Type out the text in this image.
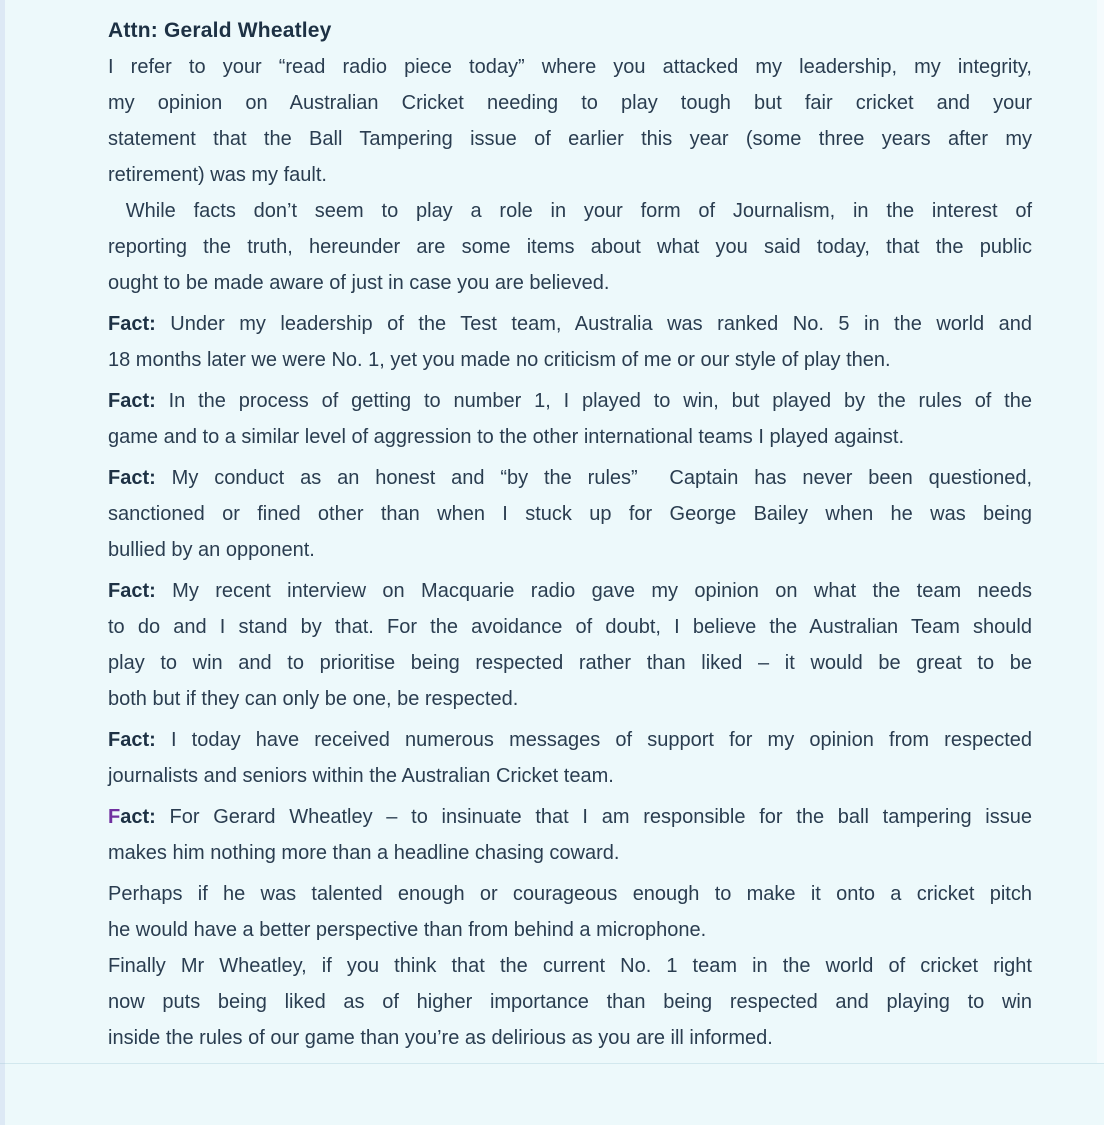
Attn: Gerald Wheatley
I refer to your “read radio piece today” where you attacked my leadership, my integrity,
my opinion on Australian Cricket needing to play tough but fair cricket and your
statement that the Ball Tampering issue of earlier this year (some three years after my
retirement) was my fault.
While facts don’t seem to play a role in your form of Journalism, in the interest of
reporting the truth, hereunder are some items about what you said today, that the public
ought to be made aware of just in case you are believed.
Fact: Under my leadership of the Test team, Australia was ranked No. 5 in the world and
18 months later we were No. 1, yet you made no criticism of me or our style of play then.
Fact: In the process of getting to number 1, I played to win, but played by the rules of the
game and to a similar level of aggression to the other international teams I played against.
Fact: My conduct as an honest and “by the rules”  Captain has never been questioned,
sanctioned or fined other than when I stuck up for George Bailey when he was being
bullied by an opponent.
Fact: My recent interview on Macquarie radio gave my opinion on what the team needs
to do and I stand by that. For the avoidance of doubt, I believe the Australian Team should
play to win and to prioritise being respected rather than liked – it would be great to be
both but if they can only be one, be respected.
Fact: I today have received numerous messages of support for my opinion from respected
journalists and seniors within the Australian Cricket team.
Fact: For Gerard Wheatley – to insinuate that I am responsible for the ball tampering issue
makes him nothing more than a headline chasing coward.
Perhaps if he was talented enough or courageous enough to make it onto a cricket pitch
he would have a better perspective than from behind a microphone.
Finally Mr Wheatley, if you think that the current No. 1 team in the world of cricket right
now puts being liked as of higher importance than being respected and playing to win
inside the rules of our game than you’re as delirious as you are ill informed.
